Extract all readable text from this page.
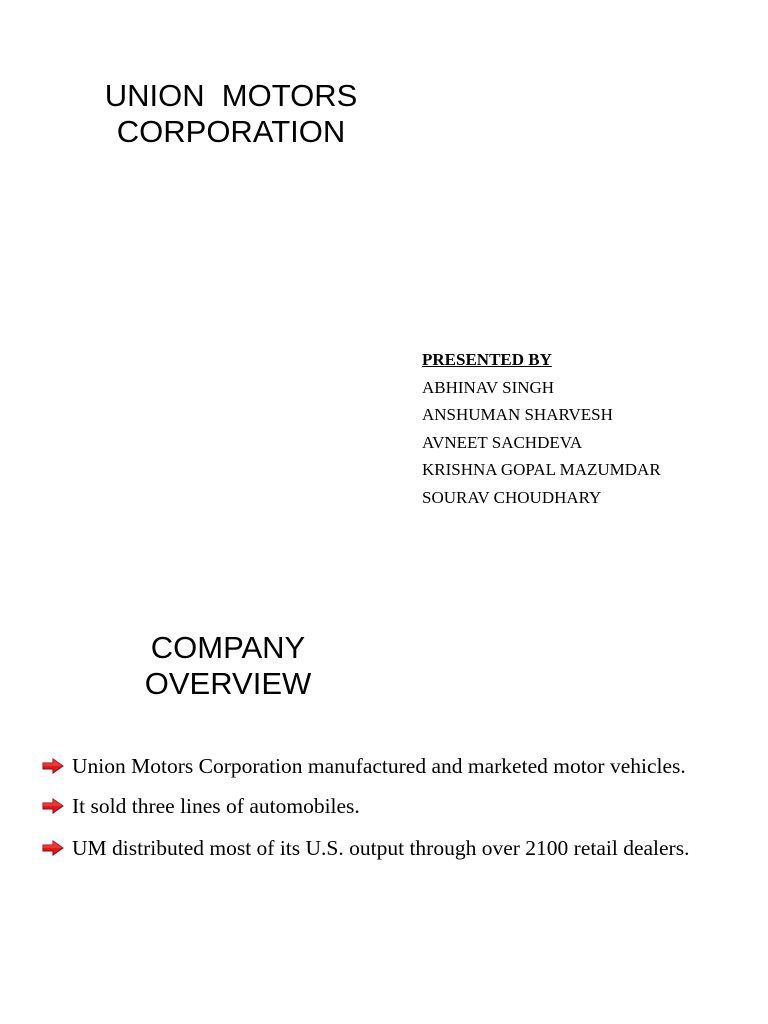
UNION  MOTORS
CORPORATION
PRESENTED BY
ABHINAV SINGH
ANSHUMAN SHARVESH
AVNEET SACHDEVA
KRISHNA GOPAL MAZUMDAR
SOURAV CHOUDHARY
COMPANY
OVERVIEW
Union Motors Corporation manufactured and marketed motor vehicles.
It sold three lines of automobiles.
UM distributed most of its U.S. output through over 2100 retail dealers.
